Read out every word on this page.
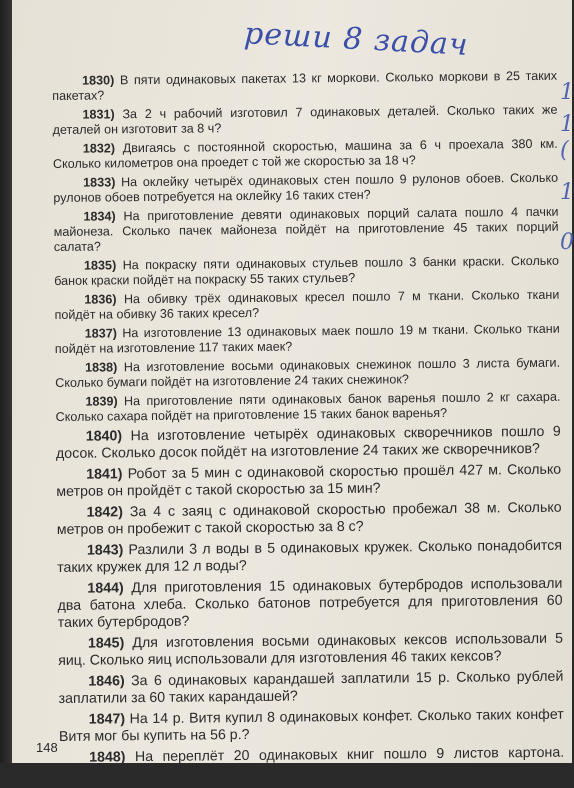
реши 8 задач
1
1
(
1
0

1830) В пяти одинаковых пакетах 13 кг моркови. Сколько моркови в 25 таких пакетах?

1831) За 2 ч рабочий изготовил 7 одинаковых деталей. Сколько таких же деталей он изготовит за 8 ч?

1832) Двигаясь с постоянной скоростью, машина за 6 ч проехала 380 км. Сколько километров она проедет с той же скоростью за 18 ч?

1833) На оклейку четырёх одинаковых стен пошло 9 рулонов обоев. Сколько рулонов обоев потребуется на оклейку 16 таких стен?

1834) На приготовление девяти одинаковых порций салата пошло 4 пачки майонеза. Сколько пачек майонеза пойдёт на приготовление 45 таких порций салата?

1835) На покраску пяти одинаковых стульев пошло 3 банки краски. Сколько банок краски пойдёт на покраску 55 таких стульев?

1836) На обивку трёх одинаковых кресел пошло 7 м ткани. Сколько ткани пойдёт на обивку 36 таких кресел?

1837) На изготовление 13 одинаковых маек пошло 19 м ткани. Сколько ткани пойдёт на изготовление 117 таких маек?

1838) На изготовление восьми одинаковых снежинок пошло 3 листа бумаги. Сколько бумаги пойдёт на изготовление 24 таких снежинок?

1839) На приготовление пяти одинаковых банок варенья пошло 2 кг сахара. Сколько сахара пойдёт на приготовление 15 таких банок варенья?

1840) На изготовление четырёх одинаковых скворечников пошло 9 досок. Сколько досок пойдёт на изготовление 24 таких же скворечников?

1841) Робот за 5 мин с одинаковой скоростью прошёл 427 м. Сколько метров он пройдёт с такой скоростью за 15 мин?

1842) За 4 с заяц с одинаковой скоростью пробежал 38 м. Сколько метров он пробежит с такой скоростью за 8 с?

1843) Разлили 3 л воды в 5 одинаковых кружек. Сколько понадобится таких кружек для 12 л воды?

1844) Для приготовления 15 одинаковых бутербродов использовали два батона хлеба. Сколько батонов потребуется для приготовления 60 таких бутербродов?

1845) Для изготовления восьми одинаковых кексов использовали 5 яиц. Сколько яиц использовали для изготовления 46 таких кексов?

1846) За 6 одинаковых карандашей заплатили 15 р. Сколько рублей заплатили за 60 таких карандашей?

1847) На 14 р. Витя купил 8 одинаковых конфет. Сколько таких конфет Витя мог бы купить на 56 р.?

1848) На переплёт 20 одинаковых книг пошло 9 листов картона. Сколько листов картона потребуется для переплёта 1000 таких книг?

148
